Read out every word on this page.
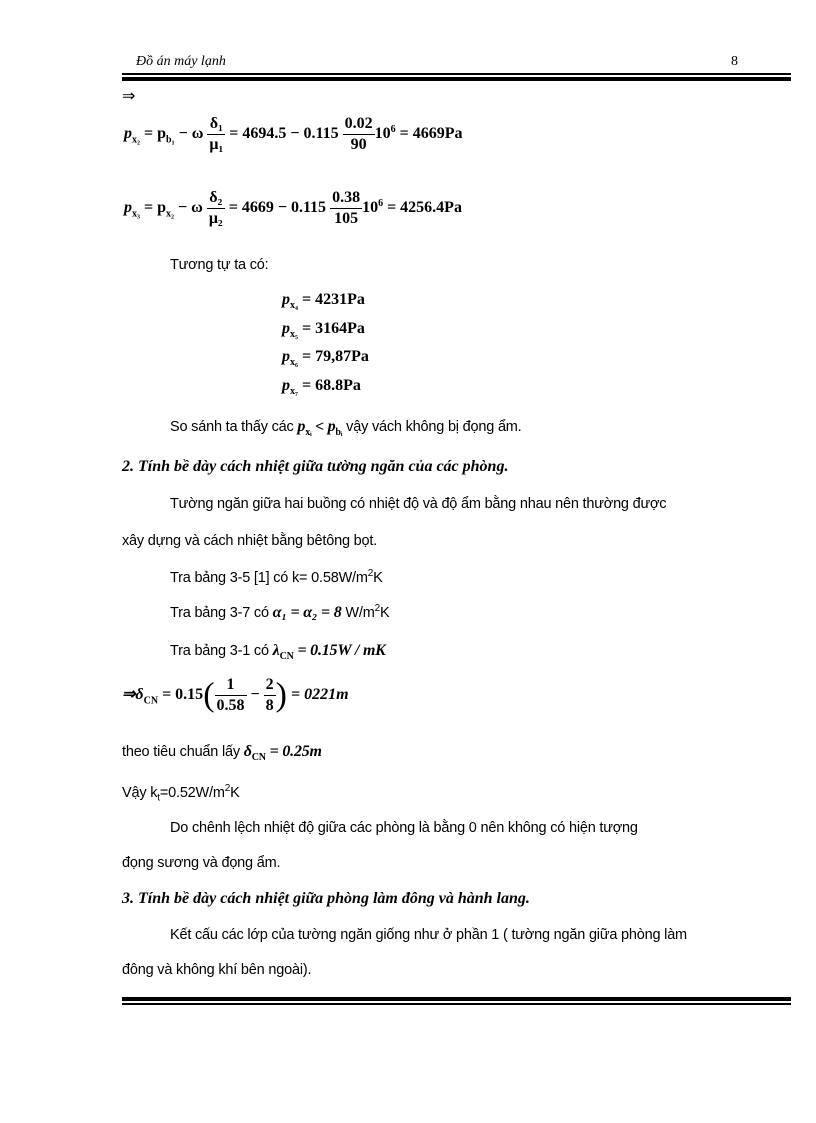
Đồ án máy lạnh	8
⇒
$p_{x_2} = p_{b_1} - \omega \frac{\text{δ₁}}{\text{μ₁}} = 4694.5 - 0.115 \frac{0.02}{90} 10^6 = 4669Pa$
$p_{x_3} = p_{x_2} - \omega \frac{\text{δ₂}}{\text{μ₂}} = 4669 - 0.115 \frac{0.38}{105} 10^6 = 4256.4Pa$
Tương tự ta có:
$p_{x_4} = 4231Pa$
$p_{x_5} = 3164Pa$
$p_{x_6} = 79,87Pa$
$p_{x_7} = 68.8Pa$
So sánh ta thấy các $p_{xᵢ} < p_{bᵢ}$ vậy vách không bị đọng ẩm.
2. Tính bề dày cách nhiệt giữa tường ngăn của các phòng.
Tường ngăn giữa hai buồng có nhiệt độ và độ ẩm bằng nhau nên thường được
xây dựng và cách nhiệt bằng bêtông bọt.
Tra bảng 3-5 [1] có $k= 0.58W/m^2K$
Tra bảng 3-7 có α₁ = α₂ = 8 $W/m^2K$
Tra bảng 3-1 có $\lambda_{CN} = 0.15W$ / mK
$\Rightarrow\delta_{CN} = 0.15( \frac{1}{0.58} - \frac{2}{8}$ ) = 0221m
theo tiêu chuẩn lấy $\delta_{CN} = 0.25m$
Vậy $k_t=0.52W/m^2K$
Do chênh lệch nhiệt độ giữa các phòng là bằng 0 nên không có hiện tượng
đọng sương và đọng ẩm.
3. Tính bề dày cách nhiệt giữa phòng làm đông và hành lang.
Kết cấu các lớp của tường ngăn giống như ở phần 1 ( tường ngăn giữa phòng làm
đông và không khí bên ngoài).
